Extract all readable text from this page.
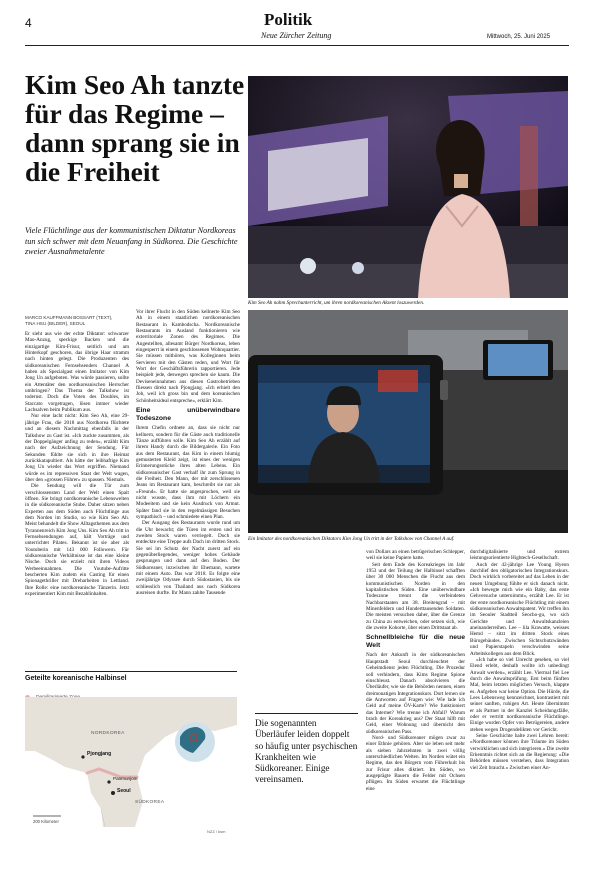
4	Politik
Neue Zürcher Zeitung	Mittwoch, 25. Juni 2025
Kim Seo Ah tanzte für das Regime – dann sprang sie in die Freiheit
Viele Flüchtlinge aus der kommunistischen Diktatur Nordkoreas tun sich schwer mit dem Neuanfang in Südkorea. Die Geschichte zweier Ausnahmetalente
Kim Seo Ah nahm Sprechunterricht, um ihren nordkoreanischen Akzent loszuwerden.
MARCO KAUFFMANN BOSSART (TEXT),
TINA HSU (BILDER), SEOUL

Er sieht aus wie der echte Diktator: schwarzer Mao-Anzug, speckige Backen und die einzigartige Kim-Frisur, seitlich und am Hinterkopf geschoren, das übrige Haar stramm nach hinten gelegt. Die Produzenten des südkoreanischen Fernsehsenders Channel A haben als Spezialgast einen Imitator von Kim Jong Un aufgeboten. Was würde passieren, sollte ein Attentäter den nordkoreanischen Herrscher umbringen? Das Thema der Talkshow ist todernst. Doch die Voten des Doubles, im Staccato vorgetragen, lösen immer wieder Lachsalven beim Publikum aus.

Nur eine lacht nicht: Kim Seo Ah, eine 29-jährige Frau, die 2018 aus Nordkorea flüchtete und an diesem Nachmittag ebenfalls in der Talkshow zu Gast ist. «Ich zuckte zusammen, als der Doppelgänger anfing zu reden», erzählt Kim nach der Aufzeichnung der Sendung. Für Sekunden fühlte sie sich in ihre Heimat zurückkatapultiert. Als hätte der leibhaftige Kim Jong Un wieder das Wort ergriffen. Niemand würde es im repressiven Staat der Welt wagen, über den «grossen Führer» zu spassen. Niemals.

Die Sendung will die Tür zum verschlossensten Land der Welt einen Spalt öffnen. Sie bringt nordkoreanische Lebenswelten in die südkoreanische Stube. Daher sitzen neben Experten aus dem Süden auch Flüchtlinge aus dem Norden im Studio, so wie Kim Seo Ah. Meist behandelt die Show Alltagsthemen aus dem Tyrannenreich Kim Jong Uns. Kim Seo Ah tritt in Fernsehsendungen auf, hält Vorträge und unterrichtet Pilates. Bekannt ist sie aber als Youtuberin mit 143 000 Followern. Für südkoreanische Verhältnisse ist das eine kleine Nische. Doch sie erzielt mit ihren Videos Werbeeinnahmen. Die Youtube-Aufritte bescherten Kim zudem ein Casting für einen Spionagethriller mit Dreharbeiten in Lettland. Ihre Rolle: eine nordkoreanische Tänzerin. Jetzt experimentiert Kim mit Bezahlinhalten.

Vor ihrer Flucht in den Süden kellnerte Kim Seo Ah in einem staatlichen nordkoreanischen Restaurant in Kambodscha. Nordkoreanische Restaurants im Ausland funktionieren wie exterritoriale Zonen des Regimes. Die Angestellten, allesamt Bürger Nordkoreas, leben eingesperrt in einem geschlossenen Wohnquartier. Sie müssen mithören, was Kolleginnen beim Servieren mit den Gästen reden, und Wort für Wort der Geschäftsführerin rapportieren. Jede beispielt jede, deswegen sprechen sie kaum. Die Deviseneinnahmen aus diesen Gastrobetrieben fliessen direkt nach Pjongjang. «Ich erhielt den Job, weil ich gross bin und dem koreanischen Schönheitsideal entspreche», erklärt Kim.

Eine unüberwindbare Todeszone

Ihrem Chefin ordnete an, dass sie nicht nur kellnern, sondern für die Gäste auch traditionelle Tänze aufführen solle. Kim Seo Ah erzählt auf ihrem Handy durch die Bildergalerie. Ein Foto aus dem Restaurant, das Kim in einem blumig gemusterten Kleid zeigt, ist eines der wenigen Erinnerungsstücke ihres alten Lebens. Ein südkoreanischer Gast verhalf ihr zum Sprung in die Freiheit. Den Mann, der mit zerschlissenen Jeans im Restaurant kam, beschreibt sie nur als «Freund». Er hatte sie angesprochen, weil sie nicht wusste, dass ihm mit Löchern ein Modeeitem und sie kein Ausdruck von Armut. Später fand sie in den regelmässigen Besuchen sympathisch – und schmiedete einen Plan.

Der Ausgang des Restaurants wurde rund um die Uhr bewacht; die Türen im ersten und im zweiten Stock waren verriegelt. Doch sie entdeckte eine Treppe aufs Dach im dritten Stock. Sie sei im Schutz der Nacht zuerst auf ein gegenüberliegendes, weniger hohes Gebäude gesprungen und dann auf den Boden. Der Südkoreaner, inzwischen ihr Ehemann, wartete mit einem Auto. Das war 2018. Es folgte eine zweijährige Odyssee durch Südostasien, bis sie schliesslich von Thailand aus nach Südkorea ausreisen durfte. Ihr Mann zahlte Tausende

Ein Imitator des nordkoreanischen Diktators Kim Jong Un tritt in der Talkshow von Channel A auf.

von Dollars an einen betrügerischen Schlepper, weil sie keine Papiere hatte.

Seit dem Ende des Koreakrieges im Jahr 1953 und der Teilung der Halbinsel schafften über 30 000 Menschen die Flucht aus dem kommunistischen Norden in den kapitalistischen Süden. Eine unüberwindbare Todeszone trennt die verfeindeten Nachbarstaaten am 38. Breitengrad – mit Minenfeldern und Hunderttausenden Soldaten. Die meisten versuchen daher, über die Grenze zu China zu entweichen, oder setzen sich, wie die zweite Kohorte, über einen Drittstaat ab.

Schnellbleiche für die neue Welt

Nach der Ankunft in der südkoreanischen Hauptstadt Seoul durchleuchtet der Geheimdienst jeden Flüchtling. Die Prozedur soll verhindern, dass Kims Regime Spione einschleust. Danach absolvieren die Überläufer, wie sie die Behörden nennen, einen dreimonatigen Integrationskurs. Dort lernen sie die Antworten auf Fragen wie: Wie lade ich Geld auf meine ÖV-Karte? Wie funktioniert das Internet? Wie trenne ich Abfall? Warum brach der Koreakrieg aus? Der Staat hilft mit Geld, einer Wohnung und übernicht den südkoreanischen Pass.

Nord- und Südkoreaner mögen zwar zu einer Ethnie gehören. Aber sie leben seit mehr als sieben Jahrzehnten in zwei völlig unterschiedlichen Welten. Im Norden wütet ein Regime, das den Bürgern vom Führerkult bis zur Frisur alles diktiert. Im Süden, wo ausgeprägte Bauern die Felder mit Ochsen pflügen. Im Süden erwartet die Flüchtlinge eine

durchdigitalisierte und extrem leistungsorientierte Hightech-Gesellschaft.

Auch der 42-jährige Lee Young Hyeon durchlief den obligatorischen Integrationskurs. Doch wirklich vorbereitet auf das Leben in der neuen Umgebung fühlte er sich danach nicht. «Ich bewegte mich wie ein Baby, das erste Gehversuche unternimmt», erzählt Lee. Er ist der erste nordkoreanische Flüchtling mit einem südkoreanischen Anwaltspatent. Wir treffen ihn im Seouler Stadtteil Seocho-gu, wo sich Gerichte und Anwaltskanzleien aneinanderreihen. Lee – lila Krawatte, weisses Hemd – sitzt im dritten Stock eines Bürogebäudes. Zwischen Sichtschutzwänden und Papierstapeln verschwinden seine Arbeitskollegen aus dem Blick.

«Ich habe so viel Unrecht gesehen, so viel Elend erlebt, deshalb wollte ich unbedingt Anwalt werden», erzählt Lee. Viermal fiel Lee durch die Anwaltsprüfung. Erst beim fünften Mal, beim letzten möglichen Versuch, klappte es. Aufgeben war keine Option. Die Hürde, die Lees Lebensweg kennzeichnet, kontrastiert mit seiner sanften, ruhigen Art. Heute übernimmt er als Partner in der Kanzlei Scheidungsfälle, oder er vertritt nordkoreanische Flüchtlinge. Einige wurden Opfer von Betrügereien, andere stehen wegen Drogendelikten vor Gericht.

Seine Geschichte halte zwei Lehren bereit: «Nordkoreaner können ihre Träume im Süden verwirklichen und sich integrieren.» Die zweite Erkenntnis richtet sich an die Regierung: «Die Behörden müssen verstehen, dass Integration viel Zeit braucht.» Zwischen einer An-

Die sogenannten Überläufer leiden doppelt so häufig unter psychischen Krankheiten wie Südkoreaner. Einige vereinsamen.
Geteilte koreanische Halbinsel
NORDKOREA
Pjongjang
Panmunjom
Seoul
SÜDKOREA
200 Kilometer
NZZ / ksm
